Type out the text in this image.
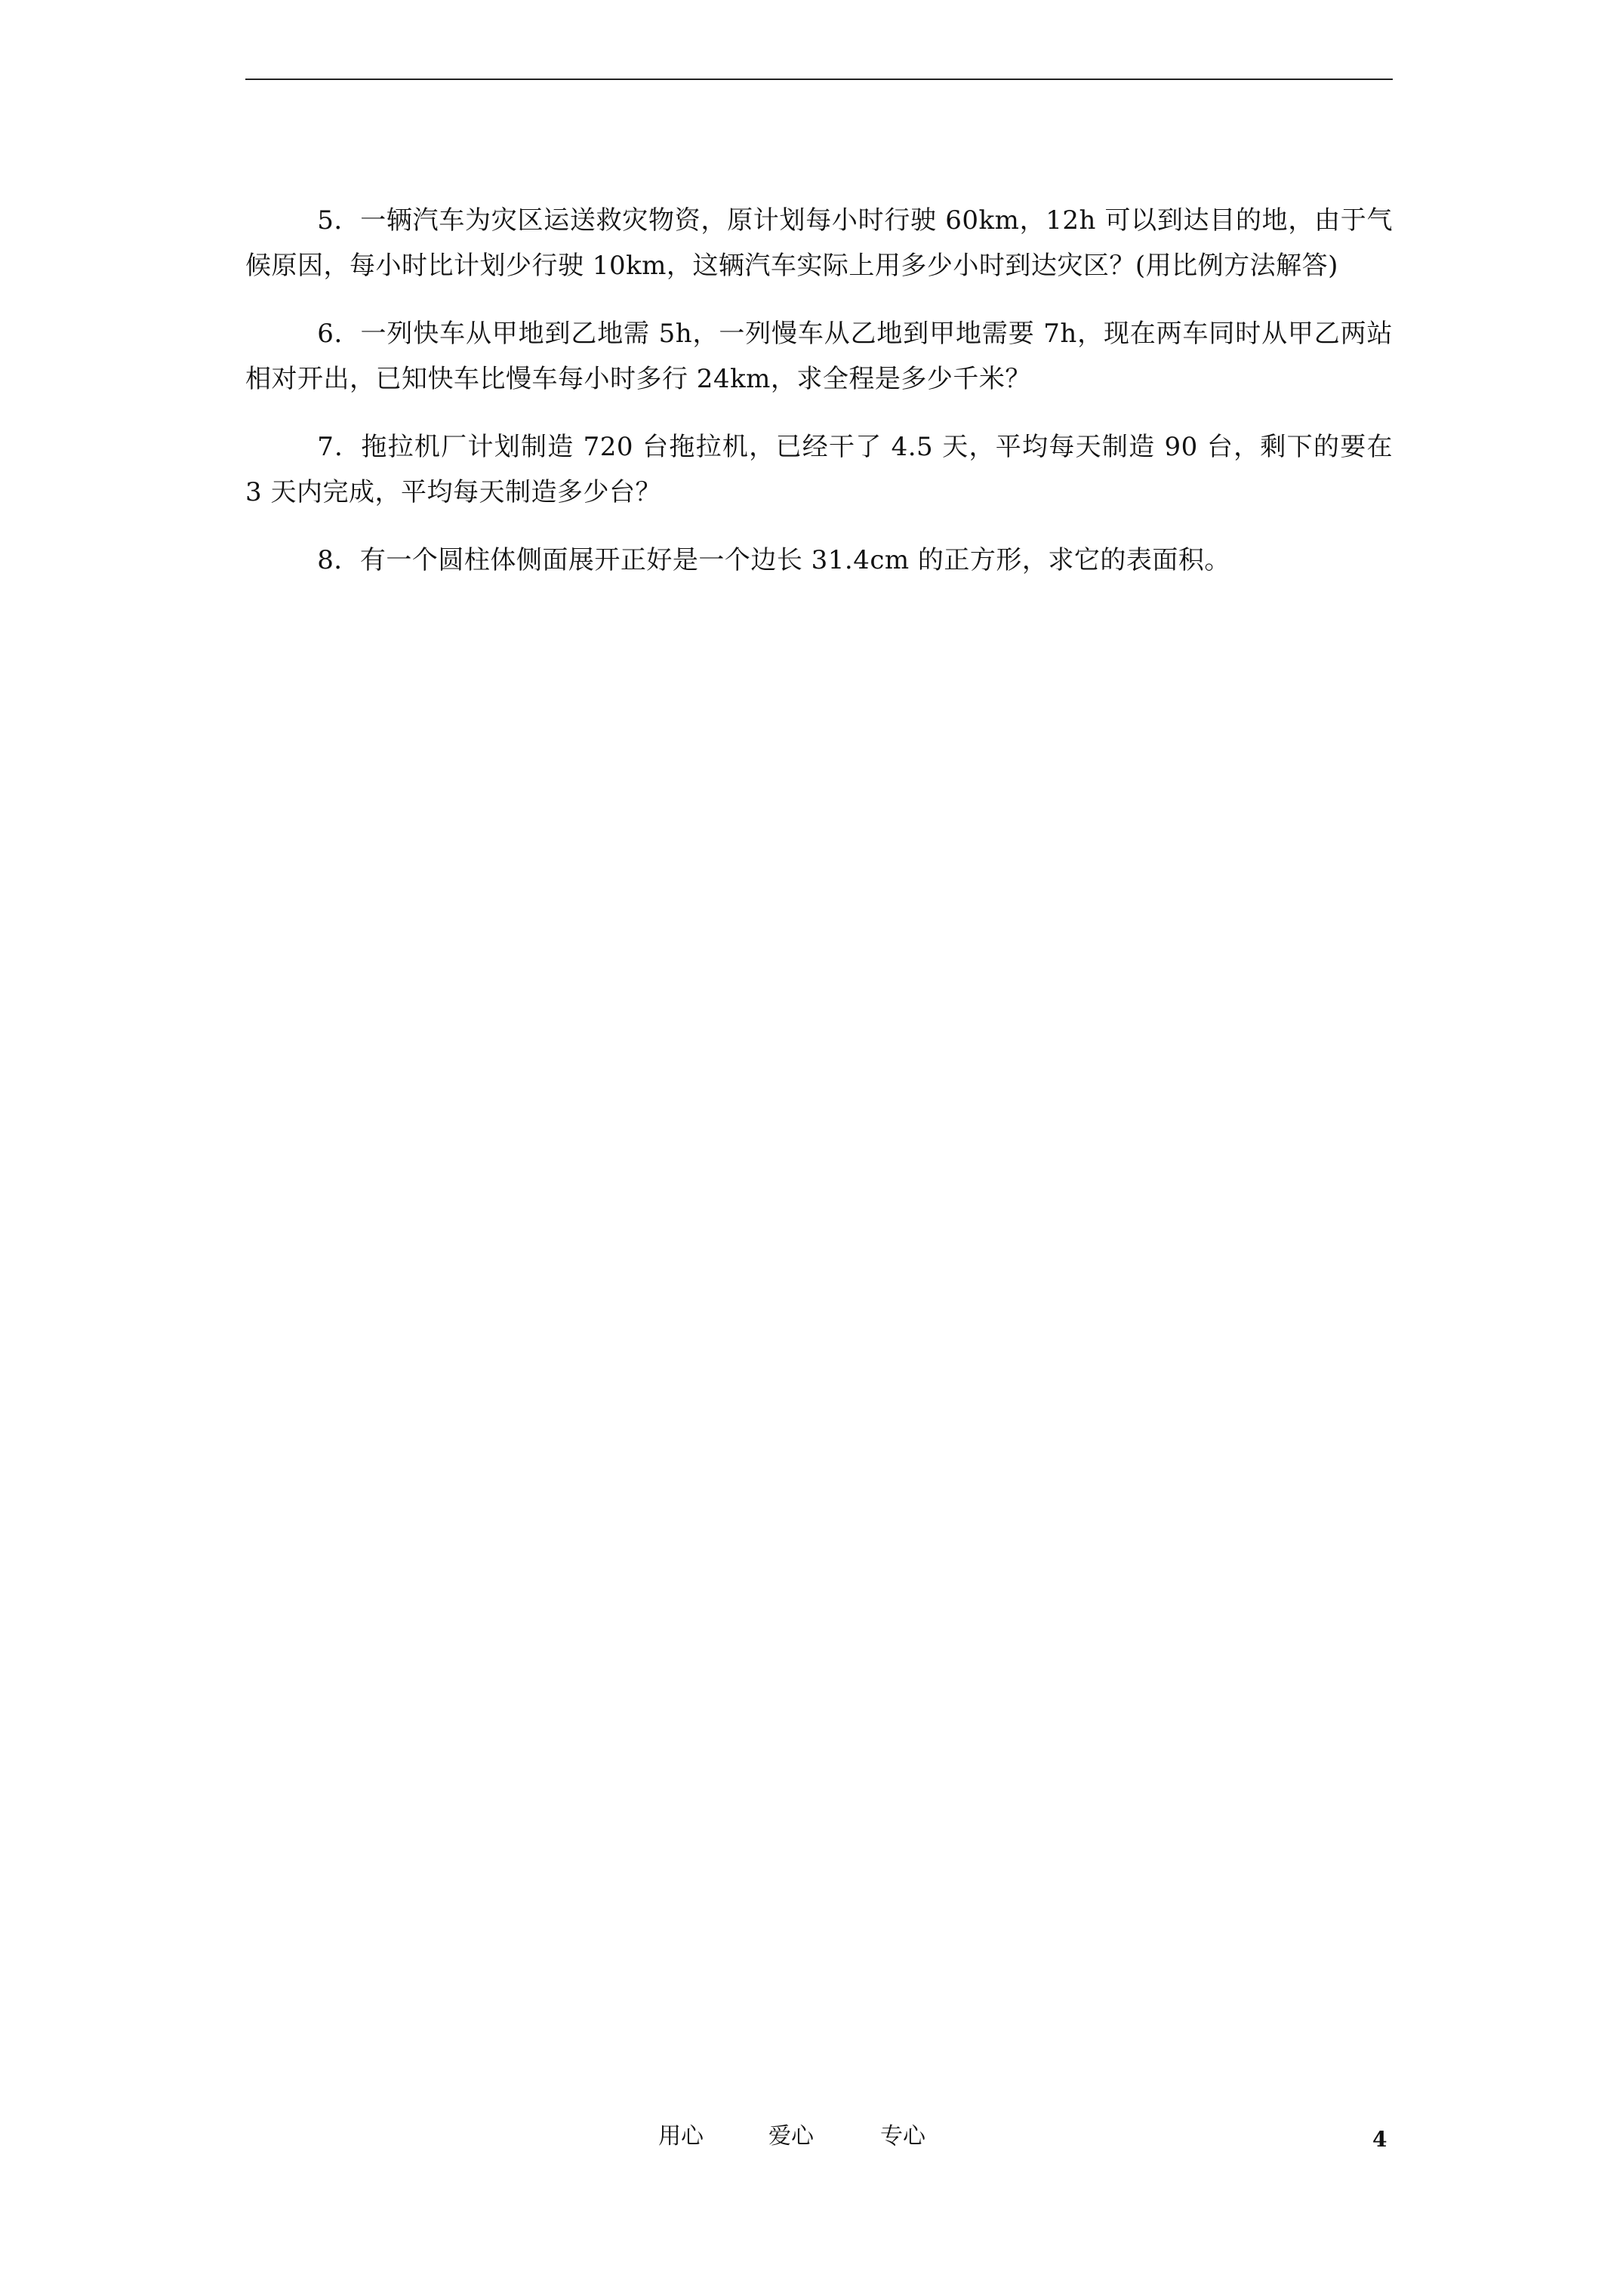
5．一辆汽车为灾区运送救灾物资，原计划每小时行驶 60km，12h 可以到达目的地，由于气候原因，每小时比计划少行驶 10km，这辆汽车实际上用多少小时到达灾区？(用比例方法解答)

6．一列快车从甲地到乙地需 5h，一列慢车从乙地到甲地需要 7h，现在两车同时从甲乙两站相对开出，已知快车比慢车每小时多行 24km，求全程是多少千米？

7．拖拉机厂计划制造 720 台拖拉机，已经干了 4.5 天，平均每天制造 90 台，剩下的要在 3 天内完成，平均每天制造多少台？

8．有一个圆柱体侧面展开正好是一个边长 31.4cm 的正方形，求它的表面积。

用心	爱心	专心	4
